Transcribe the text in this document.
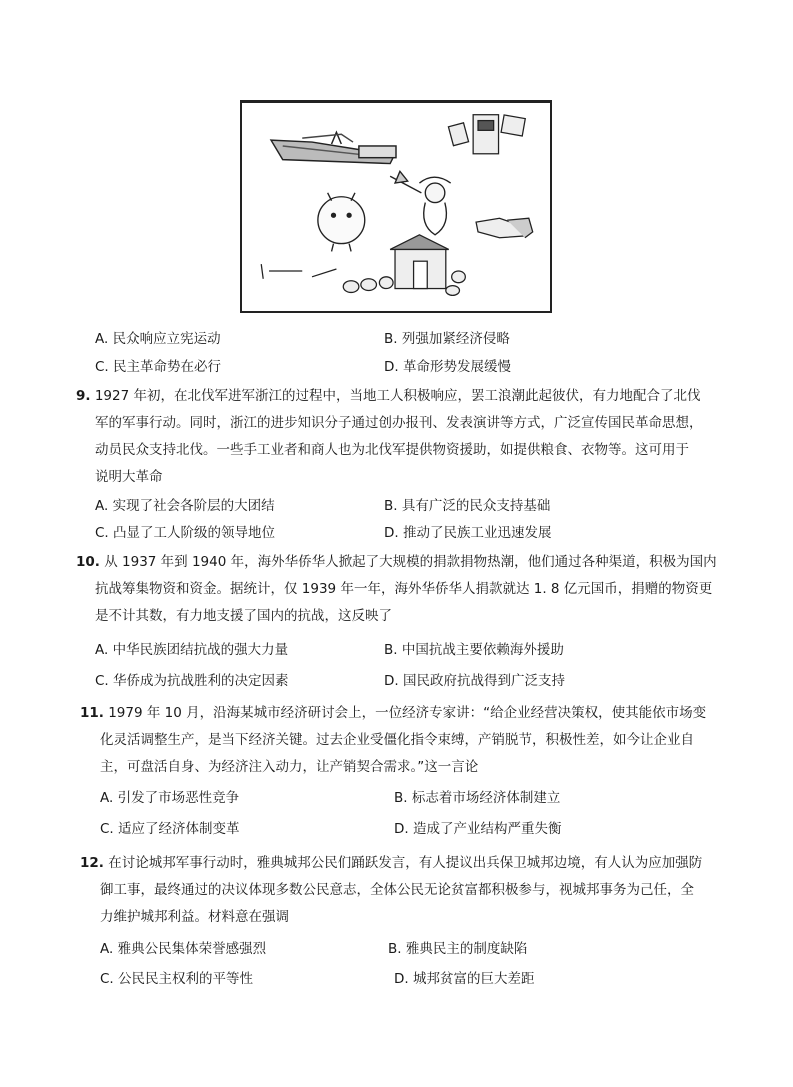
A. 民众响应立宪运动	B. 列强加紧经济侵略
C. 民主革命势在必行	D. 革命形势发展缓慢
9. 1927 年初，在北伐军进军浙江的过程中，当地工人积极响应，罢工浪潮此起彼伏，有力地配合了北伐
军的军事行动。同时，浙江的进步知识分子通过创办报刊、发表演讲等方式，广泛宣传国民革命思想，
动员民众支持北伐。一些手工业者和商人也为北伐军提供物资援助，如提供粮食、衣物等。这可用于
说明大革命
A. 实现了社会各阶层的大团结	B. 具有广泛的民众支持基础
C. 凸显了工人阶级的领导地位	D. 推动了民族工业迅速发展
10. 从 1937 年到 1940 年，海外华侨华人掀起了大规模的捐款捐物热潮，他们通过各种渠道，积极为国内
抗战筹集物资和资金。据统计，仅 1939 年一年，海外华侨华人捐款就达 1. 8 亿元国币，捐赠的物资更
是不计其数，有力地支援了国内的抗战，这反映了
A. 中华民族团结抗战的强大力量	B. 中国抗战主要依赖海外援助
C. 华侨成为抗战胜利的决定因素	D. 国民政府抗战得到广泛支持
11. 1979 年 10 月，沿海某城市经济研讨会上，一位经济专家讲：“给企业经营决策权，使其能依市场变
化灵活调整生产，是当下经济关键。过去企业受僵化指令束缚，产销脱节，积极性差，如今让企业自
主，可盘活自身、为经济注入动力，让产销契合需求。”这一言论
A. 引发了市场恶性竞争	B. 标志着市场经济体制建立
C. 适应了经济体制变革	D. 造成了产业结构严重失衡
12. 在讨论城邦军事行动时，雅典城邦公民们踊跃发言，有人提议出兵保卫城邦边境，有人认为应加强防
御工事，最终通过的决议体现多数公民意志，全体公民无论贫富都积极参与，视城邦事务为己任，全
力维护城邦利益。材料意在强调
A. 雅典公民集体荣誉感强烈	B. 雅典民主的制度缺陷
C. 公民民主权利的平等性	D. 城邦贫富的巨大差距
